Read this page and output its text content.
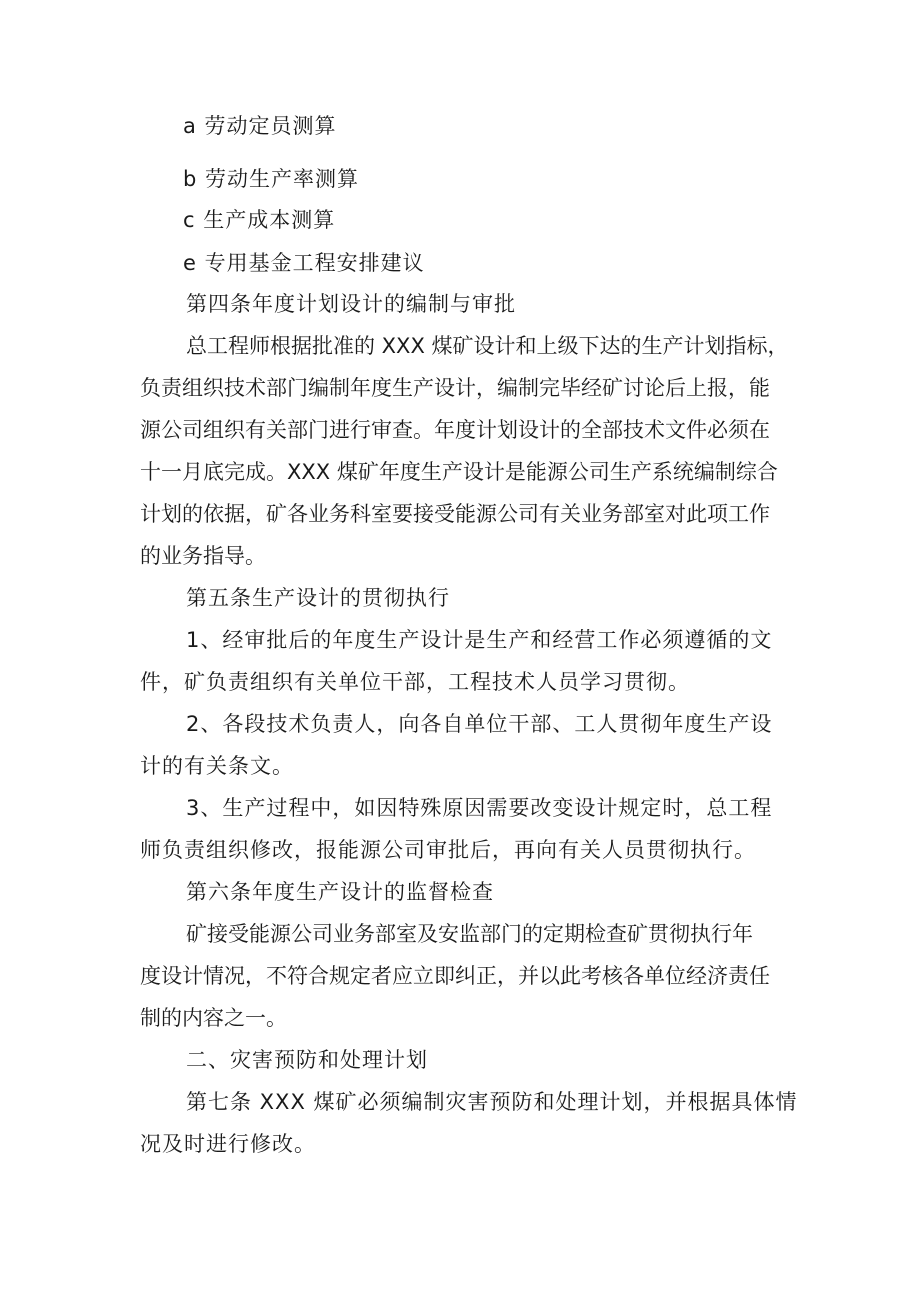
a 劳动定员测算

b 劳动生产率测算

c 生产成本测算

e 专用基金工程安排建议

第四条年度计划设计的编制与审批

总工程师根据批准的 XXX 煤矿设计和上级下达的生产计划指标，

负责组织技术部门编制年度生产设计，编制完毕经矿讨论后上报，能

源公司组织有关部门进行审查。年度计划设计的全部技术文件必须在

十一月底完成。XXX 煤矿年度生产设计是能源公司生产系统编制综合

计划的依据，矿各业务科室要接受能源公司有关业务部室对此项工作

的业务指导。

第五条生产设计的贯彻执行

1、经审批后的年度生产设计是生产和经营工作必须遵循的文

件，矿负责组织有关单位干部，工程技术人员学习贯彻。

2、各段技术负责人，向各自单位干部、工人贯彻年度生产设

计的有关条文。

3、生产过程中，如因特殊原因需要改变设计规定时，总工程

师负责组织修改，报能源公司审批后，再向有关人员贯彻执行。

第六条年度生产设计的监督检查

矿接受能源公司业务部室及安监部门的定期检查矿贯彻执行年

度设计情况，不符合规定者应立即纠正，并以此考核各单位经济责任

制的内容之一。

二、灾害预防和处理计划

第七条 XXX 煤矿必须编制灾害预防和处理计划，并根据具体情

况及时进行修改。
